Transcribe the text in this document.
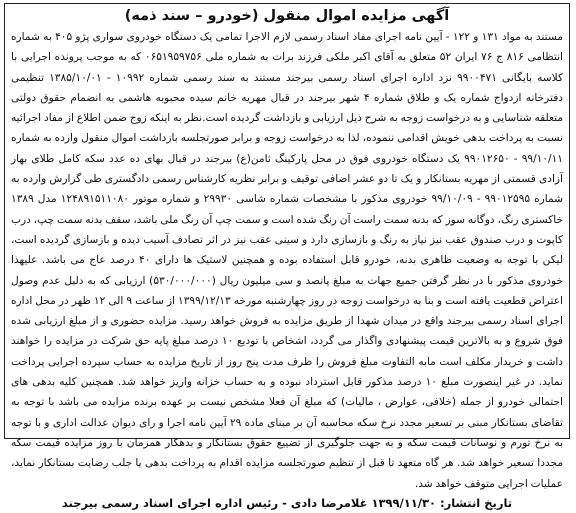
آگهی مزایده اموال منقول (خودرو – سند ذمه)

مستند به مواد ۱۳۱ و ۱۲۲ - آیین نامه اجرای مفاد اسناد رسمی لازم الاجرا تمامی یک دستگاه خودروی سواری پژو ۴۰۵ به شماره انتظامی ۸۱۶ ج ۷۶ ایران ۵۲ متعلق به آقای اکبر ملکی فرزند برات به شماره ملی ۰۶۵۱۹۵۹۷۵۶ که به موجب پرونده اجرایی با کلاسه بایگانی ۹۹۰۰۴۷۱ نزد اداره اجرای اسناد رسمی بیرجند مستند به سند رسمی شماره ۱۰۹۹۲ - ۱۳۸۵/۱۰/۰۱ تنظیمی دفترخانه ازدواج شماره یک و طلاق شماره ۴ شهر بیرجند در قبال مهریه خانم سیده محبوبه هاشمی به انضمام حقوق دولتی متعلقه شناسایی و به درخواست زوجه به شرح ذیل ارزیابی و بازداشت گردیده است.نظر به اینکه زوج ضمن اطلاع از مفاد اجرائیه نسبت به پرداخت بدهی خویش اقدامی ننموده، لذا به درخواست زوجه و برابر صورتجلسه بازداشت اموال منقول وارده به شماره ۹۹/۱۰/۱۱ - ۹۹۰۱۲۶۵۰ یک دستگاه خودروی فوق در محل پارکینگ ثامن(ع) بیرجند در قبال بهای ده عدد سکه کامل طلای بهار آزادی قسمتی از مهریه بستانکار و یک تا دو عشر اضافی توقیف و برابر نظریه کارشناس رسمی دادگستری طی گزارش وارده به شماره ۹۹۰۱۲۵۹۵ - ۹۹/۱۰/۰۹ خودروی مذکور با مشخصات شماره شاسی ۲۹۹۳۰ و شماره موتور ۱۲۴۸۹۱۵۱۱۰۸۰ مدل ۱۳۸۹ خاکستری رنگ، دوگانه سوز که بدنه سمت راست آن رنگ شده است و سمت چپ آن رنگ ملی باشد، سقف بدنه سمت چپ، درب کاپوت و درب صندوق عقب نیز نیاز به رنگ و بازسازی دارد و سینی عقب نیز در اثر تصادف آسیب دیده و بازسازی گردیده است، لیکن با توجه به وضعیت ظاهری بدنه، خودرو قابل استفاده بوده و همچنین لاستیک ها دارای ۴۰ درصد عاج می باشد. علیهذا خودروی مذکور با در نظر گرفتن جمیع جهات به مبلغ پانصد و سی میلیون ریال (۵۳۰/۰۰۰/۰۰۰) ارزیابی که به دلیل عدم وصول اعتراض قطعیت یافته است و بنا به درخواست زوجه در روز چهارشنبه مورخه ۱۳۹۹/۱۲/۱۳ از ساعت ۹ الی ۱۲ ظهر در محل اداره اجرای اسناد رسمی بیرجند واقع در میدان شهدا از طریق مزایده به فروش خواهد رسید. مزایده حضوری و از مبلغ ارزیابی شده فوق شروع و به بالاترین قیمت پیشنهادی واگذار می گردد، اشخاص با تودیع ۱۰ درصد مبلغ پایه حق شرکت در مزایده را خواهند داشت و خریدار مکلف است مابه التفاوت مبلغ فروش را ظرف مدت پنج روز از تاریخ مزایده به حساب سپرده اجرایی پرداخت نماید. در غیر اینصورت مبلغ ۱۰ درصد مذکور قابل استرداد نبوده و به حساب خزانه واریز خواهد شد. همچنین کلیه بدهی های احتمالی خودرو از جمله (خلافی، عوارض ، مالیات) که مبلغ آن فعلا مشخص نیست بر عهده برنده مزایده می باشد با توجه به تقاضای بستانکار مبنی بر تسعیر مجدد نرخ سکه محاسبه آن بر مبنای ماده ۲۹ آیین نامه اجرا و رای دیوان عدالت اداری و با توجه به نرخ تورم و نوسانات قیمت سکه و به جهت جلوگیری از تضییع حقوق بستانکار و بدهکار همزمان با روز مزایده قیمت سکه مجددا تسعیر خواهد شد. هر گاه متعهد تا قبل از تنظیم صورتجلسه مزایده اقدام به پرداخت بدهی یا جلب رضایت بستانکار نماید، عملیات اجرایی متوقف خواهد شد.

تاریخ انتشار: ۱۳۹۹/۱۱/۳۰ غلامرضا دادی - رئیس اداره اجرای اسناد رسمی بیرجند
